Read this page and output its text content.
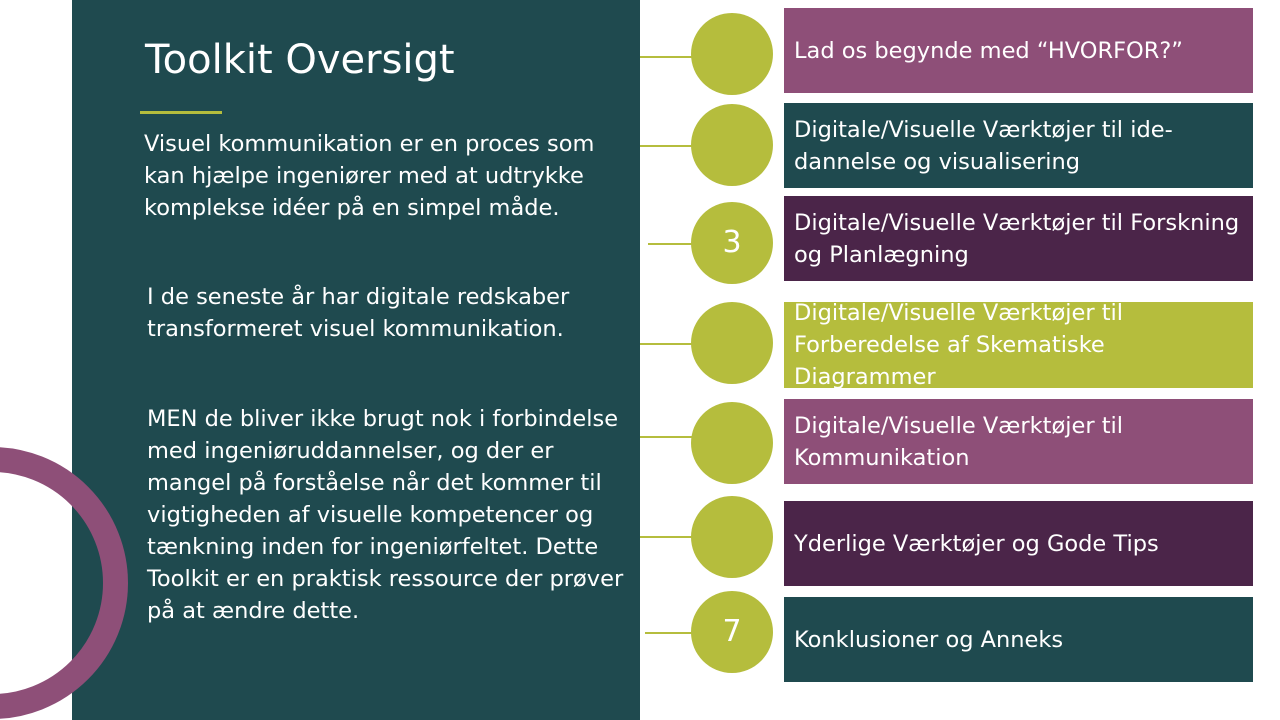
Toolkit Oversigt

Visuel kommunikation er en proces som kan hjælpe ingeniører med at udtrykke komplekse idéer på en simpel måde.

I de seneste år har digitale redskaber transformeret visuel kommunikation.

MEN de bliver ikke brugt nok i forbindelse med ingeniøruddannelser, og der er mangel på forståelse når det kommer til vigtigheden af visuelle kompetencer og tænkning inden for ingeniørfeltet. Dette Toolkit er en praktisk ressource der prøver på at ændre dette.

Lad os begynde med “HVORFOR?”
Digitale/Visuelle Værktøjer til ide-dannelse og visualisering
3
Digitale/Visuelle Værktøjer til Forskning og Planlægning
Digitale/Visuelle Værktøjer til Forberedelse af Skematiske Diagrammer
Digitale/Visuelle Værktøjer til Kommunikation
Yderlige Værktøjer og Gode Tips
7	Konklusioner og Anneks
